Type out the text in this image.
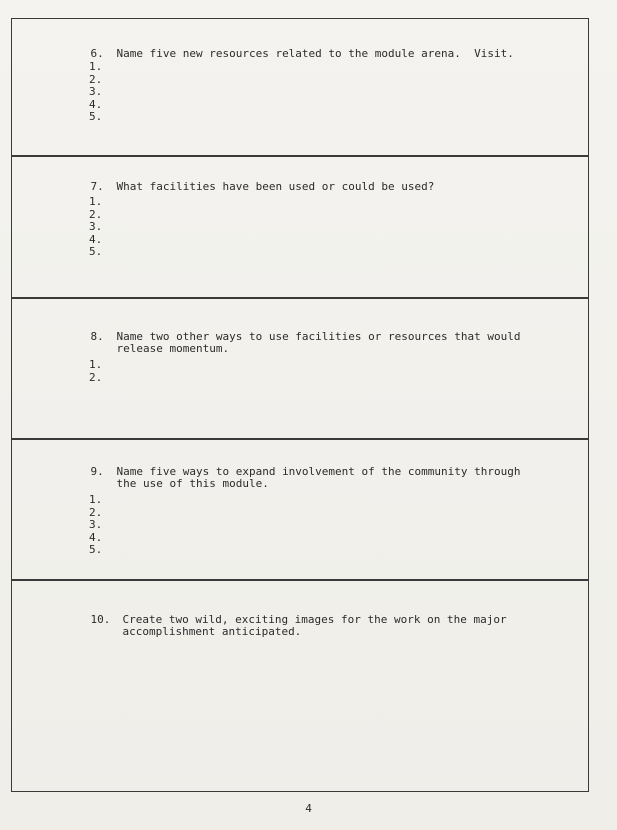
6. Name five new resources related to the module arena.  Visit.

1.
2.
3.
4.
5.

7. What facilities have been used or could be used?

1.
2.
3.
4.
5.

8. Name two other ways to use facilities or resources that would
release momentum.

1.
2.

9. Name five ways to expand involvement of the community through
the use of this module.

1.
2.
3.
4.
5.

10. Create two wild, exciting images for the work on the major
accomplishment anticipated.

4
